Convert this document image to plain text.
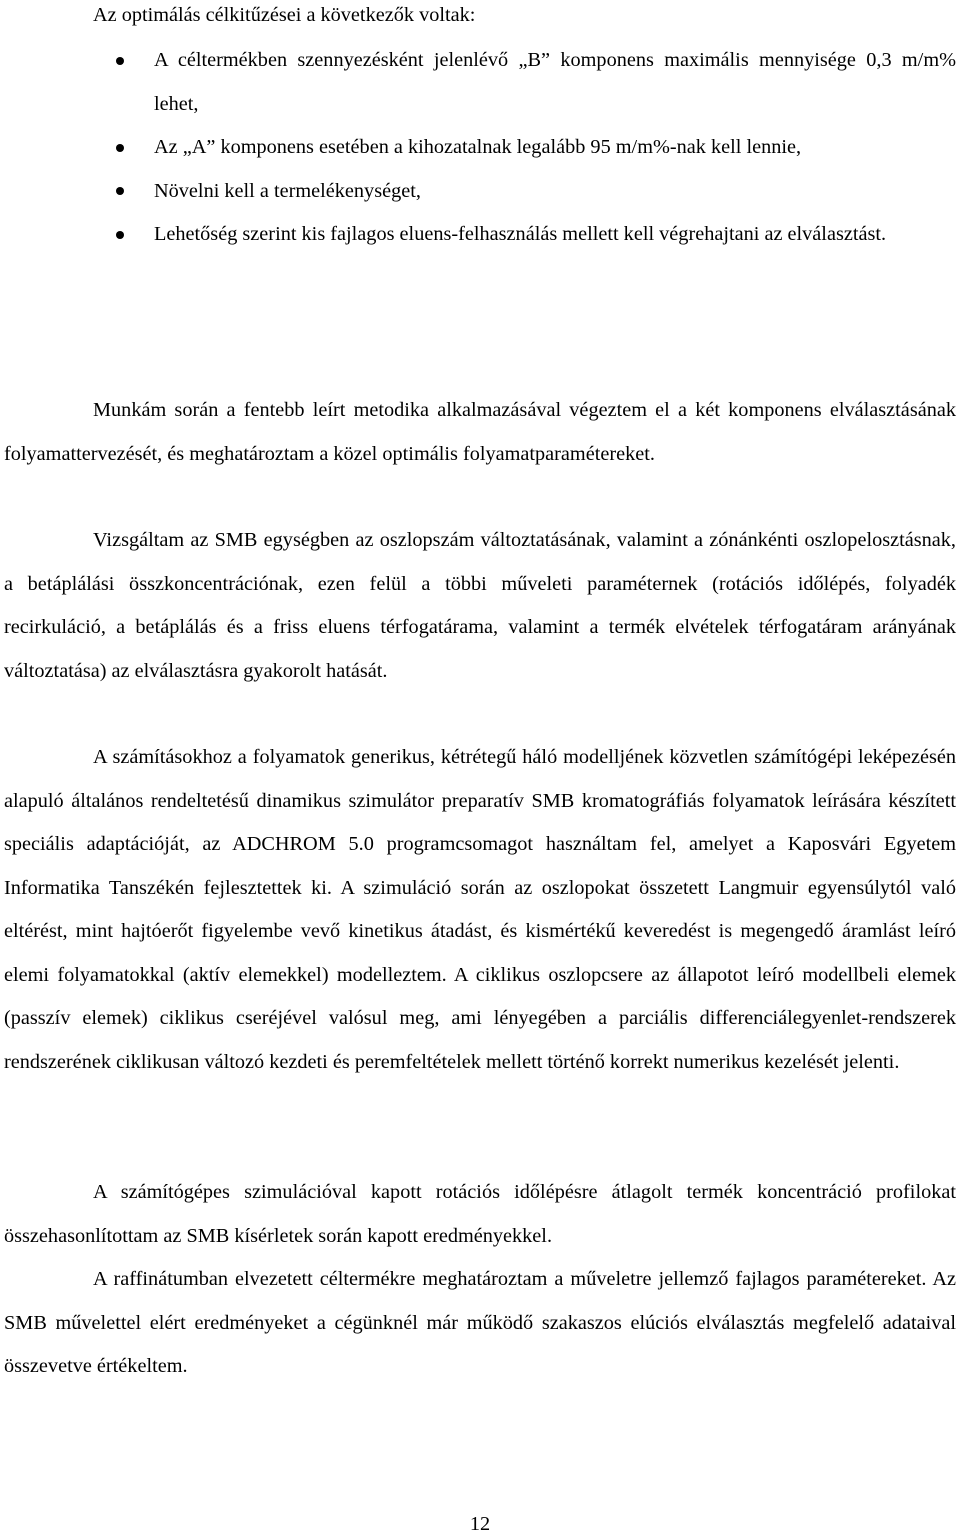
Az optimálás célkitűzései a következők voltak:

A céltermékben szennyezésként jelenlévő „B” komponens maximális mennyisége 0,3 m/m% lehet,
Az „A” komponens esetében a kihozatalnak legalább 95 m/m%-nak kell lennie,
Növelni kell a termelékenységet,
Lehetőség szerint kis fajlagos eluens-felhasználás mellett kell végrehajtani az elválasztást.

Munkám során a fentebb leírt metodika alkalmazásával végeztem el a két komponens elválasztásának folyamattervezését, és meghatároztam a közel optimális folyamatparamétereket.

Vizsgáltam az SMB egységben az oszlopszám változtatásának, valamint a zónánkénti oszlopelosztásnak, a betáplálási összkoncentrációnak, ezen felül a többi műveleti paraméternek (rotációs időlépés, folyadék recirkuláció, a betáplálás és a friss eluens térfogatárama, valamint a termék elvételek térfogatáram arányának változtatása) az elválasztásra gyakorolt hatását.

A számításokhoz a folyamatok generikus, kétrétegű háló modelljének közvetlen számítógépi leképezésén alapuló általános rendeltetésű dinamikus szimulátor preparatív SMB kromatográfiás folyamatok leírására készített speciális adaptációját, az ADCHROM 5.0 programcsomagot használtam fel, amelyet a Kaposvári Egyetem Informatika Tanszékén fejlesztettek ki. A szimuláció során az oszlopokat összetett Langmuir egyensúlytól való eltérést, mint hajtóerőt figyelembe vevő kinetikus átadást, és kismértékű keveredést is megengedő áramlást leíró elemi folyamatokkal (aktív elemekkel) modelleztem. A ciklikus oszlopcsere az állapotot leíró modellbeli elemek (passzív elemek) ciklikus cseréjével valósul meg, ami lényegében a parciális differenciálegyenlet-rendszerek rendszerének ciklikusan változó kezdeti és peremfeltételek mellett történő korrekt numerikus kezelését jelenti.

A számítógépes szimulációval kapott rotációs időlépésre átlagolt termék koncentráció profilokat összehasonlítottam az SMB kísérletek során kapott eredményekkel.

A raffinátumban elvezetett céltermékre meghatároztam a műveletre jellemző fajlagos paramétereket. Az SMB művelettel elért eredményeket a cégünknél már működő szakaszos elúciós elválasztás megfelelő adataival összevetve értékeltem.

12
